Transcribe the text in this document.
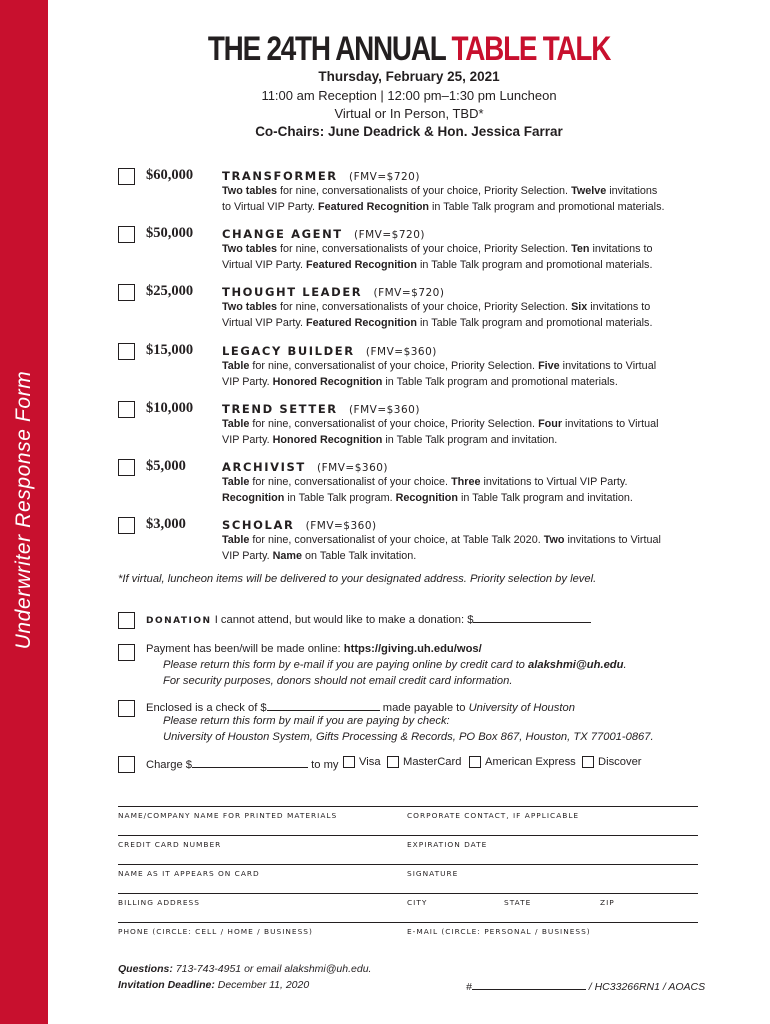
Underwriter Response Form
THE 24TH ANNUAL TABLE TALK
Thursday, February 25, 2021
11:00 am Reception | 12:00 pm–1:30 pm Luncheon
Virtual or In Person, TBD*
Co-Chairs: June Deadrick & Hon. Jessica Farrar
$60,000	TRANSFORMER (FMV=$720)
Two tables for nine, conversationalists of your choice, Priority Selection. Twelve invitations
to Virtual VIP Party. Featured Recognition in Table Talk program and promotional materials.
$50,000	CHANGE AGENT (FMV=$720)
Two tables for nine, conversationalists of your choice, Priority Selection. Ten invitations to
Virtual VIP Party. Featured Recognition in Table Talk program and promotional materials.
$25,000	THOUGHT LEADER (FMV=$720)
Two tables for nine, conversationalists of your choice, Priority Selection. Six invitations to
Virtual VIP Party. Featured Recognition in Table Talk program and promotional materials.
$15,000	LEGACY BUILDER (FMV=$360)
Table for nine, conversationalist of your choice, Priority Selection. Five invitations to Virtual
VIP Party. Honored Recognition in Table Talk program and promotional materials.
$10,000	TREND SETTER (FMV=$360)
Table for nine, conversationalist of your choice, Priority Selection. Four invitations to Virtual
VIP Party. Honored Recognition in Table Talk program and invitation.
$5,000	ARCHIVIST (FMV=$360)
Table for nine, conversationalist of your choice. Three invitations to Virtual VIP Party.
Recognition in Table Talk program. Recognition in Table Talk program and invitation.
$3,000	SCHOLAR (FMV=$360)
Table for nine, conversationalist of your choice, at Table Talk 2020. Two invitations to Virtual
VIP Party. Name on Table Talk invitation.
*If virtual, luncheon items will be delivered to your designated address. Priority selection by level.
DONATION I cannot attend, but would like to make a donation: $
Payment has been/will be made online: https://giving.uh.edu/wos/
Please return this form by e-mail if you are paying online by credit card to alakshmi@uh.edu.
For security purposes, donors should not email credit card information.
Enclosed is a check of $	made payable to University of Houston
Please return this form by mail if you are paying by check:
University of Houston System, Gifts Processing & Records, PO Box 867, Houston, TX 77001-0867.
Charge $	to my Visa MasterCard American Express Discover
NAME/COMPANY NAME FOR PRINTED MATERIALS	CORPORATE CONTACT, IF APPLICABLE
CREDIT CARD NUMBER	EXPIRATION DATE
NAME AS IT APPEARS ON CARD	SIGNATURE
BILLING ADDRESS	CITY	STATE	ZIP
PHONE (CIRCLE: CELL / HOME / BUSINESS)	E-MAIL (CIRCLE: PERSONAL / BUSINESS)
Questions: 713-743-4951 or email alakshmi@uh.edu.
Invitation Deadline: December 11, 2020	#	/ HC33266RN1 / AOACS
